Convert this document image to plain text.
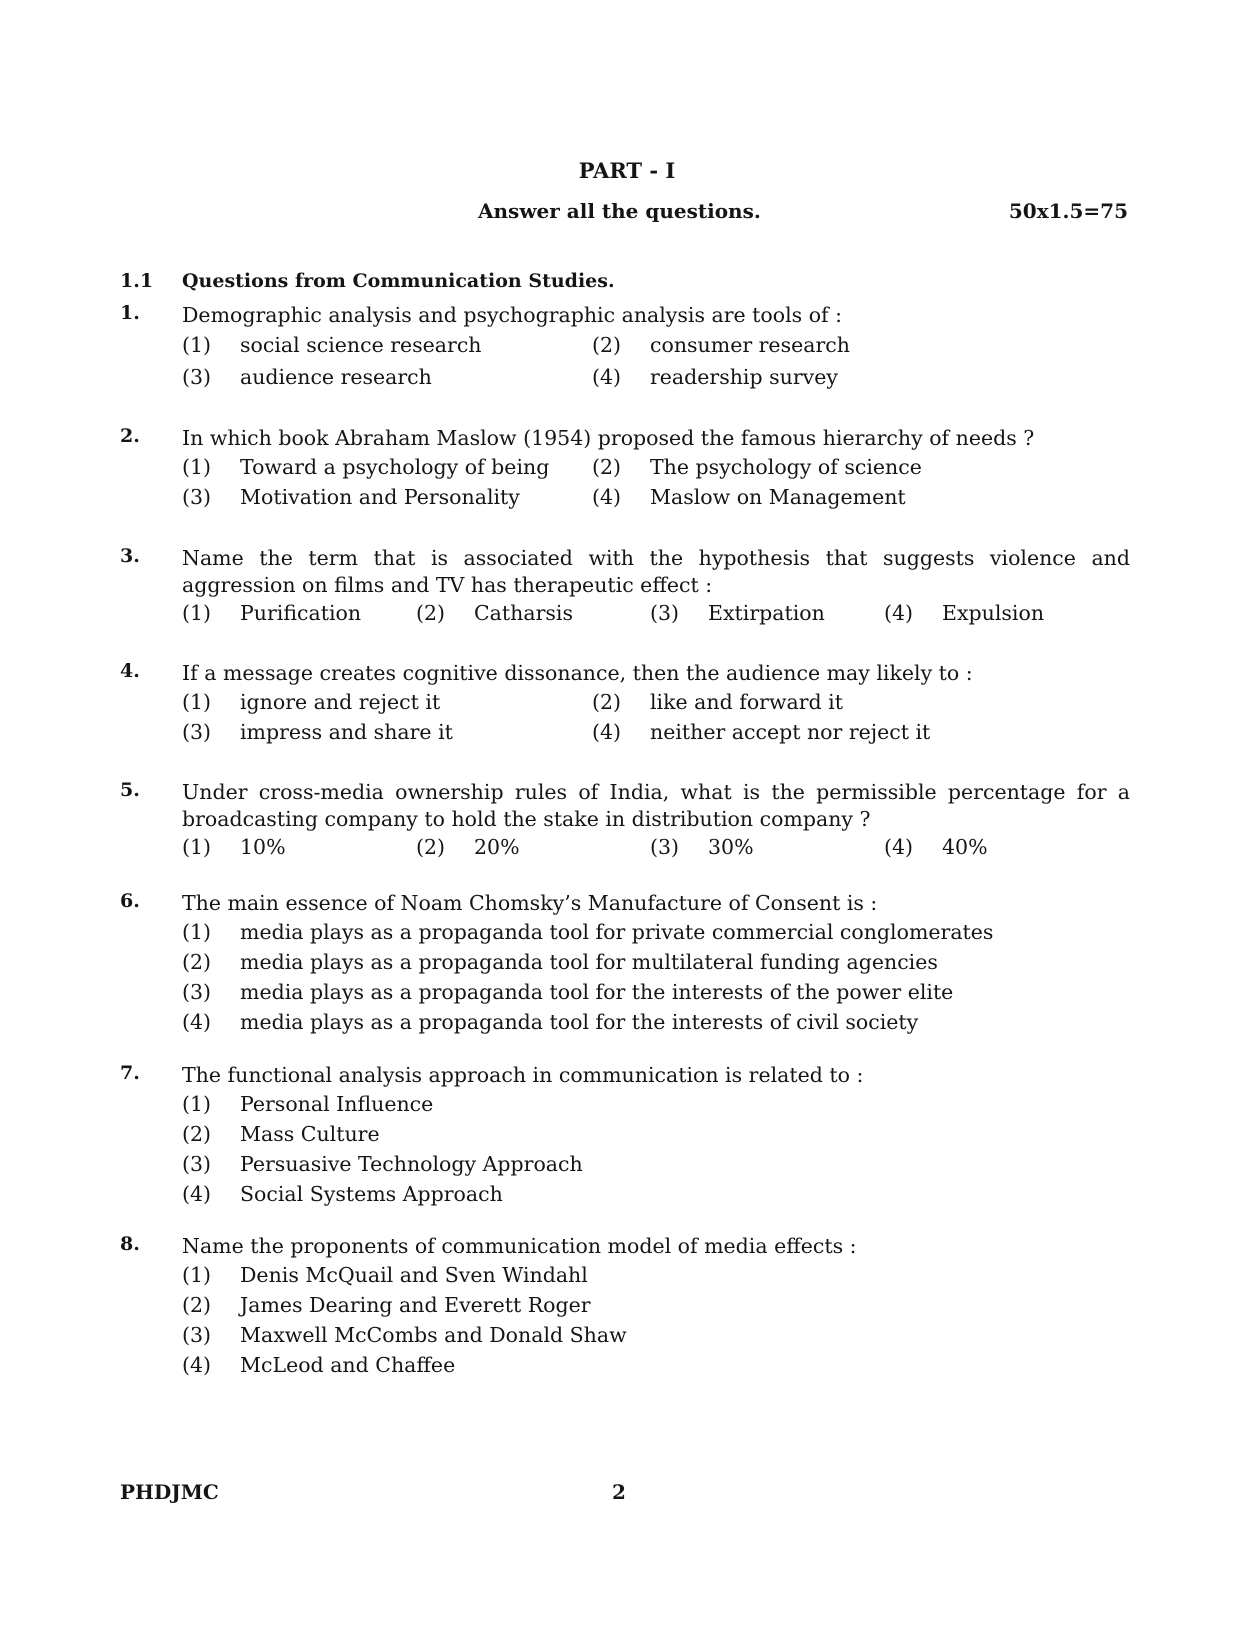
PART - I
Answer all the questions.	50x1.5=75
1.1 Questions from Communication Studies.
1. Demographic analysis and psychographic analysis are tools of :
(1) social science research	(2) consumer research
(3) audience research	(4) readership survey
2. In which book Abraham Maslow (1954) proposed the famous hierarchy of needs ?
(1) Toward a psychology of being (2) The psychology of science
(3) Motivation and Personality	(4) Maslow on Management
3. Name the term that is associated with the hypothesis that suggests violence and aggression on films and TV has therapeutic effect :
(1) Purification	(2) Catharsis	(3) Extirpation	(4) Expulsion
4. If a message creates cognitive dissonance, then the audience may likely to :
(1) ignore and reject it	(2) like and forward it
(3) impress and share it	(4) neither accept nor reject it
5. Under cross-media ownership rules of India, what is the permissible percentage for a broadcasting company to hold the stake in distribution company ?
(1) 10%	(2) 20%	(3) 30%	(4) 40%
6. The main essence of Noam Chomsky’s Manufacture of Consent is :
(1) media plays as a propaganda tool for private commercial conglomerates
(2) media plays as a propaganda tool for multilateral funding agencies
(3) media plays as a propaganda tool for the interests of the power elite
(4) media plays as a propaganda tool for the interests of civil society
7. The functional analysis approach in communication is related to :
(1) Personal Influence
(2) Mass Culture
(3) Persuasive Technology Approach
(4) Social Systems Approach
8. Name the proponents of communication model of media effects :
(1) Denis McQuail and Sven Windahl
(2) James Dearing and Everett Roger
(3) Maxwell McCombs and Donald Shaw
(4) McLeod and Chaffee
PHDJMC	2
